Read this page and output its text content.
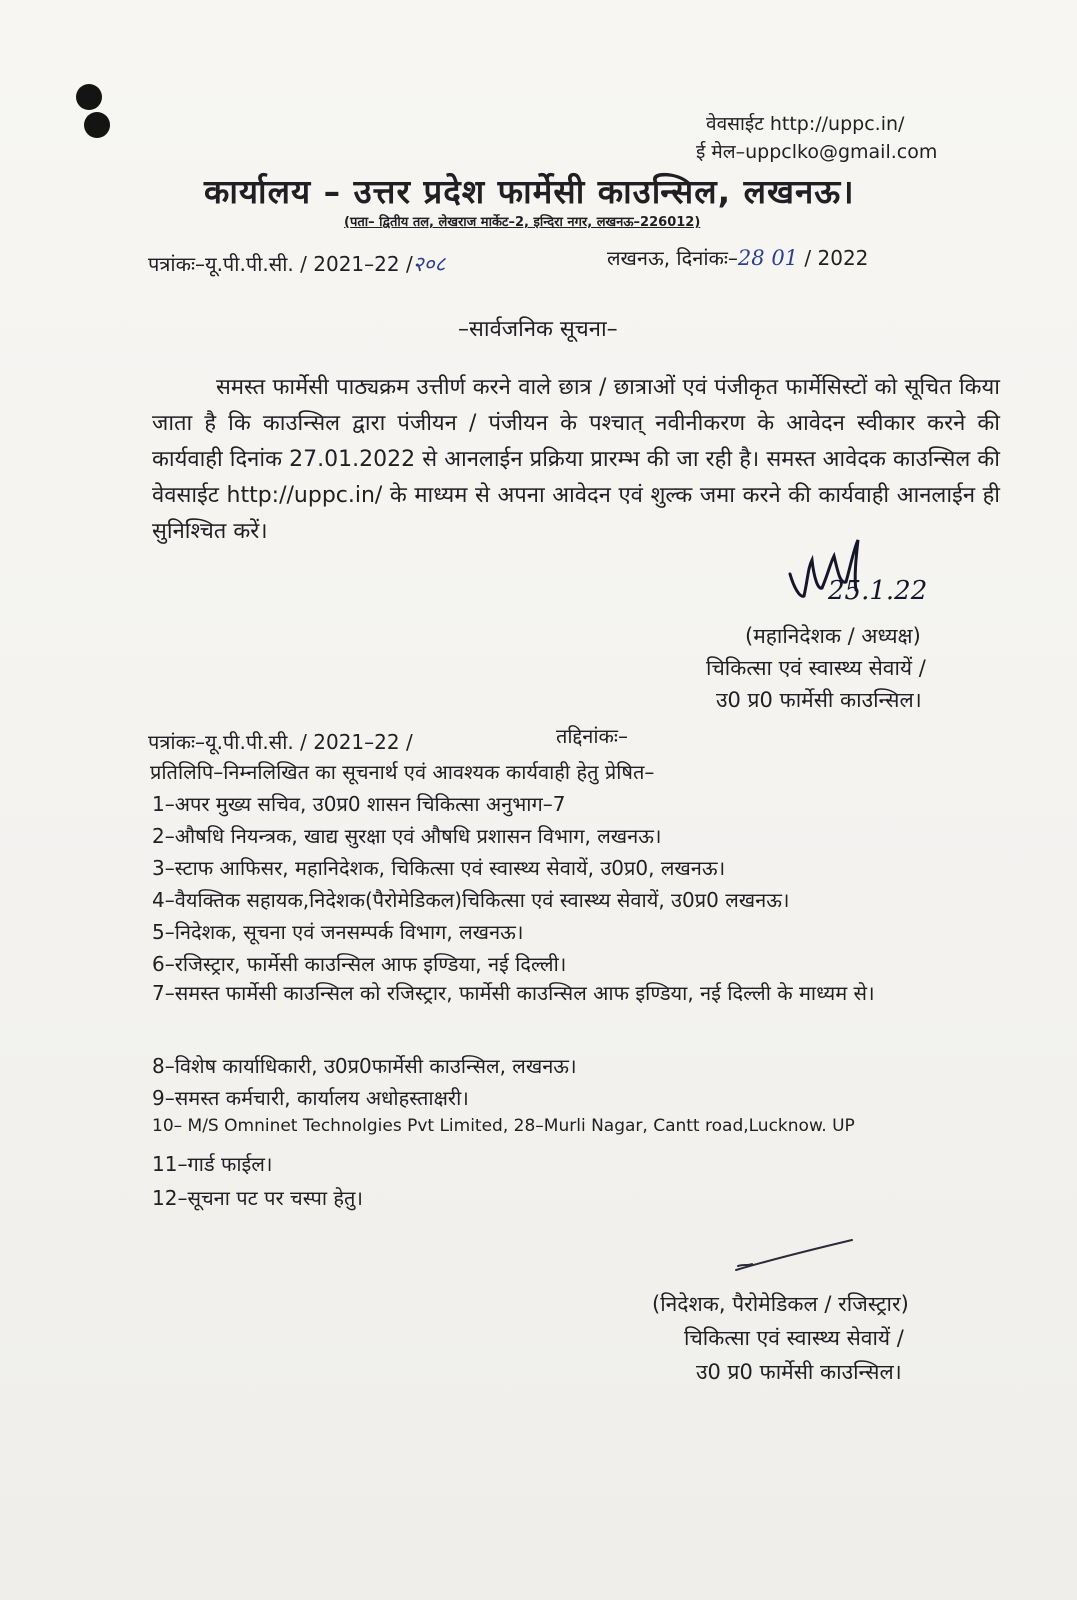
वेवसाईट http://uppc.in/
ई मेल–uppclko@gmail.com
कार्यालय – उत्तर प्रदेश फार्मेसी काउन्सिल, लखनऊ।
(पता– द्वितीय तल, लेखराज मार्केट–2, इन्दिरा नगर, लखनऊ–226012)
पत्रांकः–यू.पी.पी.सी. / 2021–22 /२०८	लखनऊ, दिनांकः–28 01 / 2022
–सार्वजनिक सूचना–

समस्त फार्मेसी पाठ्यक्रम उत्तीर्ण करने वाले छात्र / छात्राओं एवं पंजीकृत फार्मेसिस्टों को सूचित किया जाता है कि काउन्सिल द्वारा पंजीयन / पंजीयन के पश्चात् नवीनीकरण के आवेदन स्वीकार करने की कार्यवाही दिनांक 27.01.2022 से आनलाईन प्रक्रिया प्रारम्भ की जा रही है। समस्त आवेदक काउन्सिल की वेवसाईट http://uppc.in/ के माध्यम से अपना आवेदन एवं शुल्क जमा करने की कार्यवाही आनलाईन ही सुनिश्चित करें।

25.1.22
(महानिदेशक / अध्यक्ष)
चिकित्सा एवं स्वास्थ्य सेवायें /
उ0 प्र0 फार्मेसी काउन्सिल।
पत्रांकः–यू.पी.पी.सी. / 2021–22 /	तद्दिनांकः–
प्रतिलिपि–निम्नलिखित का सूचनार्थ एवं आवश्यक कार्यवाही हेतु प्रेषित–
1–अपर मुख्य सचिव, उ0प्र0 शासन चिकित्सा अनुभाग–7
2–औषधि नियन्त्रक, खाद्य सुरक्षा एवं औषधि प्रशासन विभाग, लखनऊ।
3–स्टाफ आफिसर, महानिदेशक, चिकित्सा एवं स्वास्थ्य सेवायें, उ0प्र0, लखनऊ।
4–वैयक्तिक सहायक,निदेशक(पैरोमेडिकल)चिकित्सा एवं स्वास्थ्य सेवायें, उ0प्र0 लखनऊ।
5–निदेशक, सूचना एवं जनसम्पर्क विभाग, लखनऊ।
6–रजिस्ट्रार, फार्मेसी काउन्सिल आफ इण्डिया, नई दिल्ली।
7–समस्त फार्मेसी काउन्सिल को रजिस्ट्रार, फार्मेसी काउन्सिल आफ इण्डिया, नई दिल्ली के माध्यम से।
8–विशेष कार्याधिकारी, उ0प्र0फार्मेसी काउन्सिल, लखनऊ।
9–समस्त कर्मचारी, कार्यालय अधोहस्ताक्षरी।
10– M/S Omninet Technolgies Pvt Limited, 28–Murli Nagar, Cantt road,Lucknow. UP
11–गार्ड फाईल।
12–सूचना पट पर चस्पा हेतु।
(निदेशक, पैरोमेडिकल / रजिस्ट्रार)
चिकित्सा एवं स्वास्थ्य सेवायें /
उ0 प्र0 फार्मेसी काउन्सिल।
